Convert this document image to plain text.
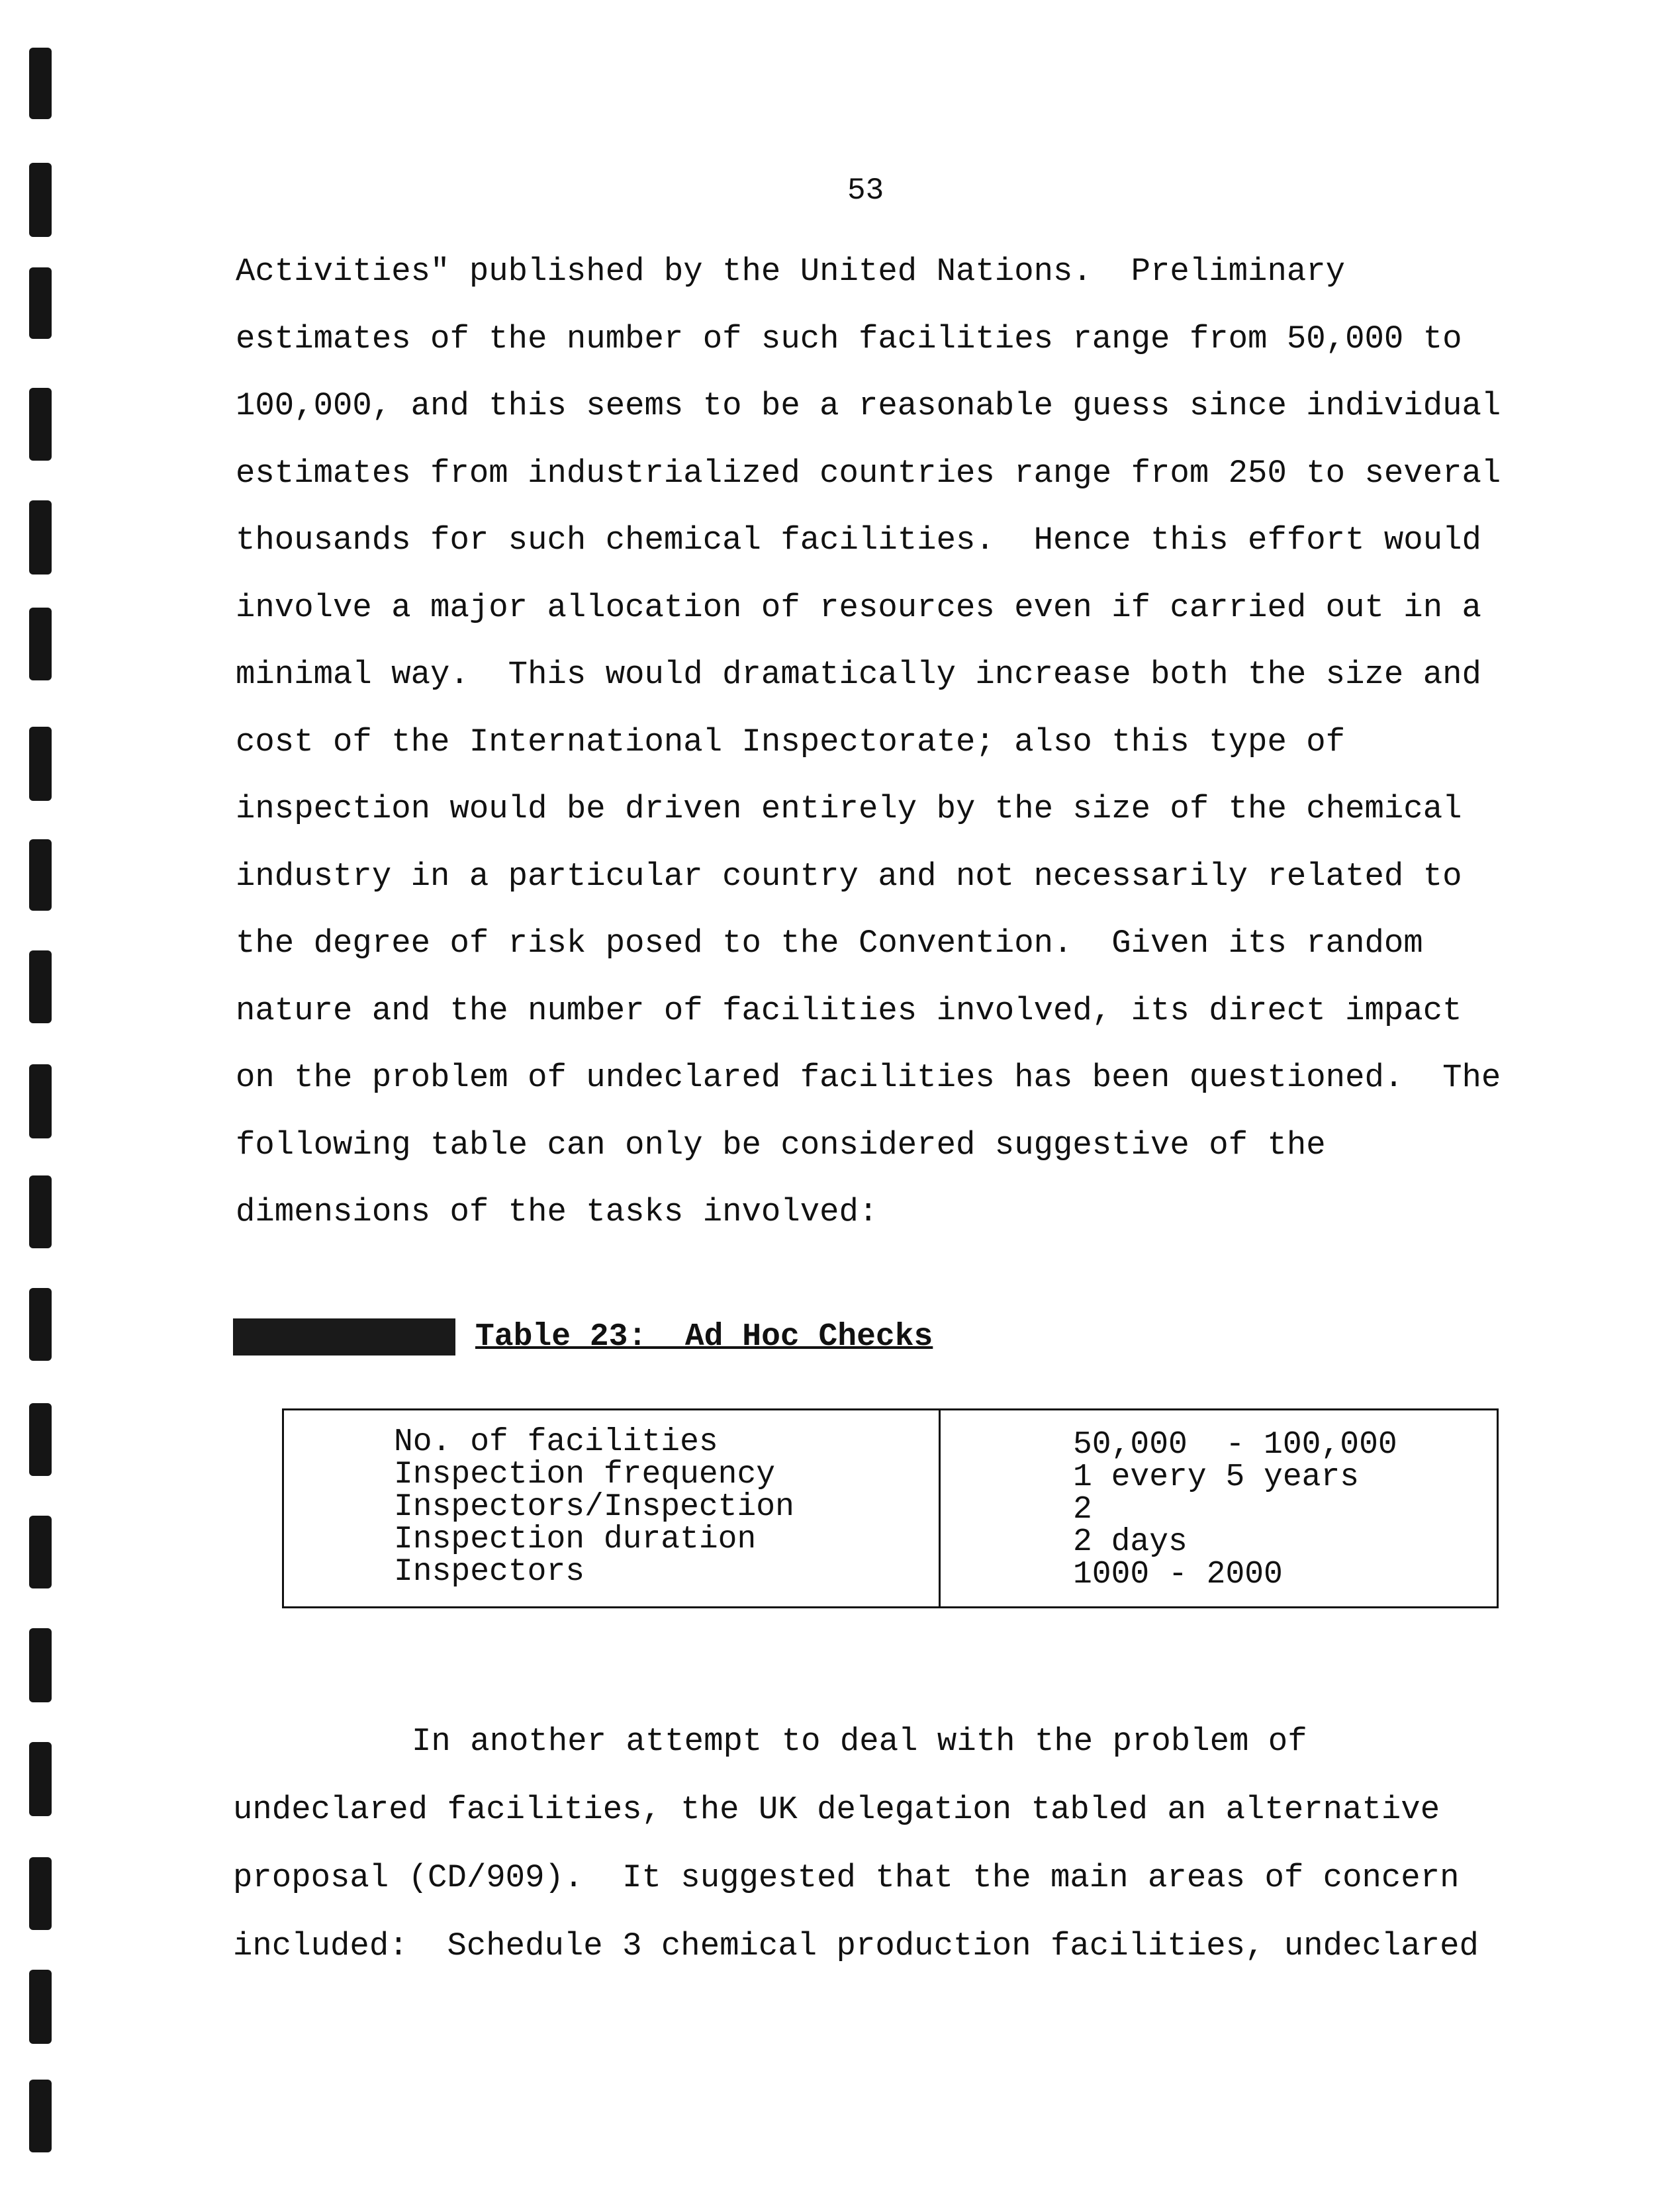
53

Activities" published by the United Nations.  Preliminary
estimates of the number of such facilities range from 50,000 to
100,000, and this seems to be a reasonable guess since individual
estimates from industrialized countries range from 250 to several
thousands for such chemical facilities.  Hence this effort would
involve a major allocation of resources even if carried out in a
minimal way.  This would dramatically increase both the size and
cost of the International Inspectorate; also this type of
inspection would be driven entirely by the size of the chemical
industry in a particular country and not necessarily related to
the degree of risk posed to the Convention.  Given its random
nature and the number of facilities involved, its direct impact
on the problem of undeclared facilities has been questioned.  The
following table can only be considered suggestive of the
dimensions of the tasks involved:

Table 23:  Ad Hoc Checks
No. of facilities
Inspection frequency
Inspectors/Inspection
Inspection duration
Inspectors
50,000  - 100,000
1 every 5 years
2
2 days
1000 - 2000

In another attempt to deal with the problem of
undeclared facilities, the UK delegation tabled an alternative
proposal (CD/909).  It suggested that the main areas of concern
included:  Schedule 3 chemical production facilities, undeclared
